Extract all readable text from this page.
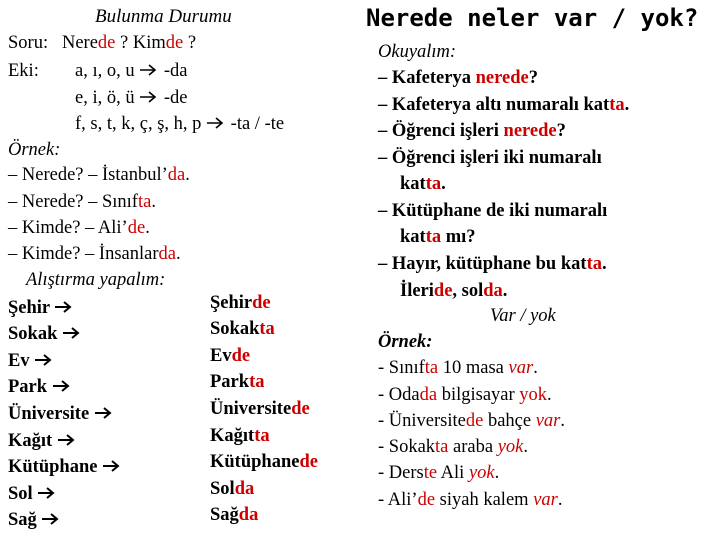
Bulunma Durumu
Soru: Nerede ? Kimde ?
Eki: a, ı, o, u -da
e, i, ö, ü -de
f, s, t, k, ç, ş, h, p -ta / -te
Örnek:
– Nerede? – İstanbul’da.
– Nerede? – Sınıfta.
– Kimde? – Ali’de.
– Kimde? – İnsanlarda.
Alıştırma yapalım:
Şehir
Sokak
Ev
Park
Üniversite
Kağıt
Kütüphane
Sol
Sağ
Şehirde
Sokakta
Evde
Parkta
Üniversitede
Kağıtta
Kütüphanede
Solda
Sağda
Nerede neler var / yok?
Okuyalım:
– Kafeterya nerede?
– Kafeterya altı numaralı katta.
– Öğrenci işleri nerede?
– Öğrenci işleri iki numaralı
katta.
– Kütüphane de iki numaralı
katta mı?
– Hayır, kütüphane bu katta.
İleride, solda.
Var / yok
Örnek:
- Sınıfta 10 masa var.
- Odada bilgisayar yok.
- Üniversitede bahçe var.
- Sokakta araba yok.
- Derste Ali yok.
- Ali’de siyah kalem var.
